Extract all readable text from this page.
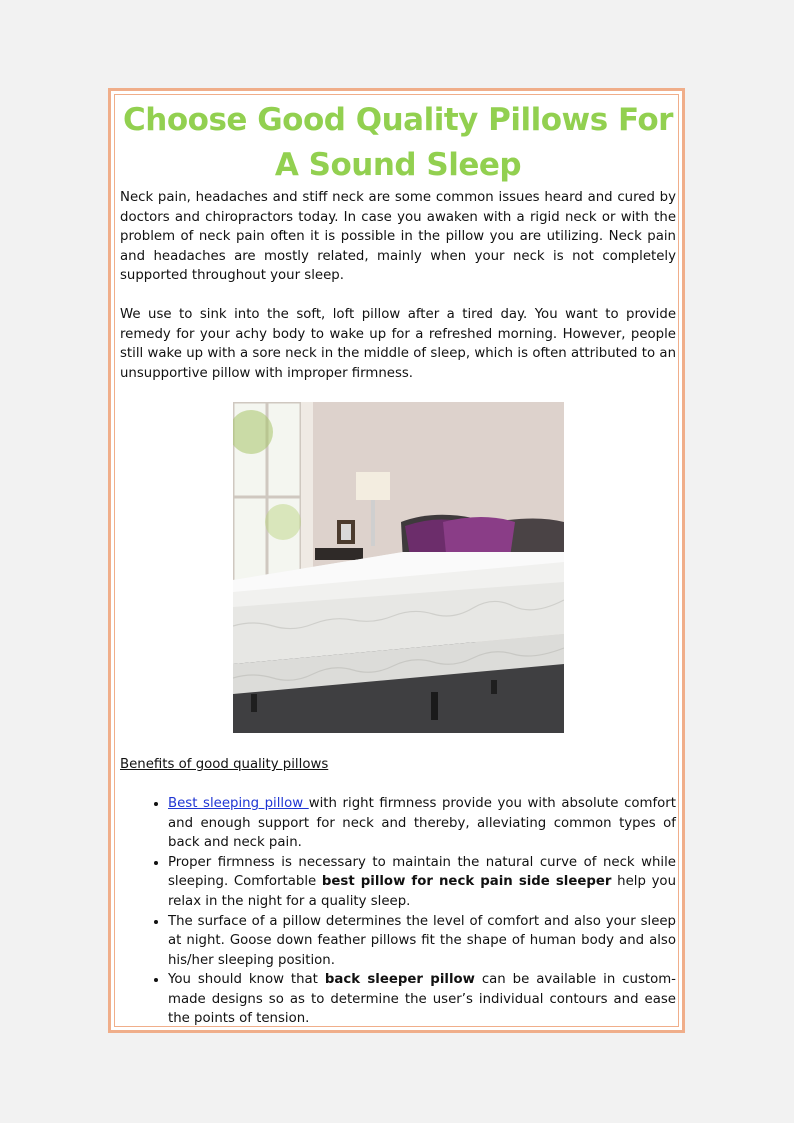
Choose Good Quality Pillows For A Sound Sleep

Neck pain, headaches and stiff neck are some common issues heard and cured by doctors and chiropractors today. In case you awaken with a rigid neck or with the problem of neck pain often it is possible in the pillow you are utilizing. Neck pain and headaches are mostly related, mainly when your neck is not completely supported throughout your sleep.

We use to sink into the soft, loft pillow after a tired day. You want to provide remedy for your achy body to wake up for a refreshed morning. However, people still wake up with a sore neck in the middle of sleep, which is often attributed to an unsupportive pillow with improper firmness.

Benefits of good quality pillows

• Best sleeping pillow with right firmness provide you with absolute comfort and enough support for neck and thereby, alleviating common types of back and neck pain.
• Proper firmness is necessary to maintain the natural curve of neck while sleeping. Comfortable best pillow for neck pain side sleeper help you relax in the night for a quality sleep.
• The surface of a pillow determines the level of comfort and also your sleep at night. Goose down feather pillows fit the shape of human body and also his/her sleeping position.
• You should know that back sleeper pillow can be available in custom-made designs so as to determine the user’s individual contours and ease the points of tension.
